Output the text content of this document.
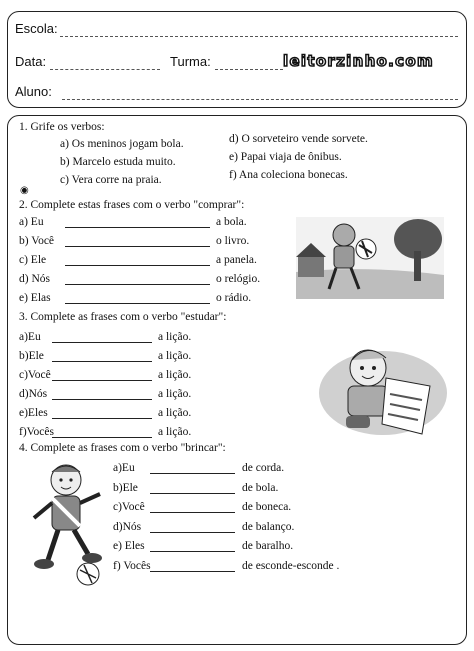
Escola:
Data:	Turma:
Aluno:
leitorzinho.com
1. Grife os verbos:
a) Os meninos jogam bola.
b) Marcelo estuda muito.
c) Vera corre na praia.
d) O sorveteiro vende sorvete.
e) Papai viaja de ônibus.
f) Ana coleciona bonecas.
◉
2. Complete estas frases com o verbo "comprar":
a) Eu	a bola.
b) Você	o livro.
c) Ele	a panela.
d) Nós	o relógio.
e) Elas	o rádio.
3. Complete as frases com o verbo "estudar":
a)Eu	a lição.
b)Ele	a lição.
c)Você	a lição.
d)Nós	a lição.
e)Eles	a lição.
f)Vocês	a lição.
4. Complete as frases com o verbo "brincar":
a)Eu	de corda.
b)Ele	de bola.
c)Você	de boneca.
d)Nós	de balanço.
e) Eles	de baralho.
f) Vocês	de esconde-esconde .
